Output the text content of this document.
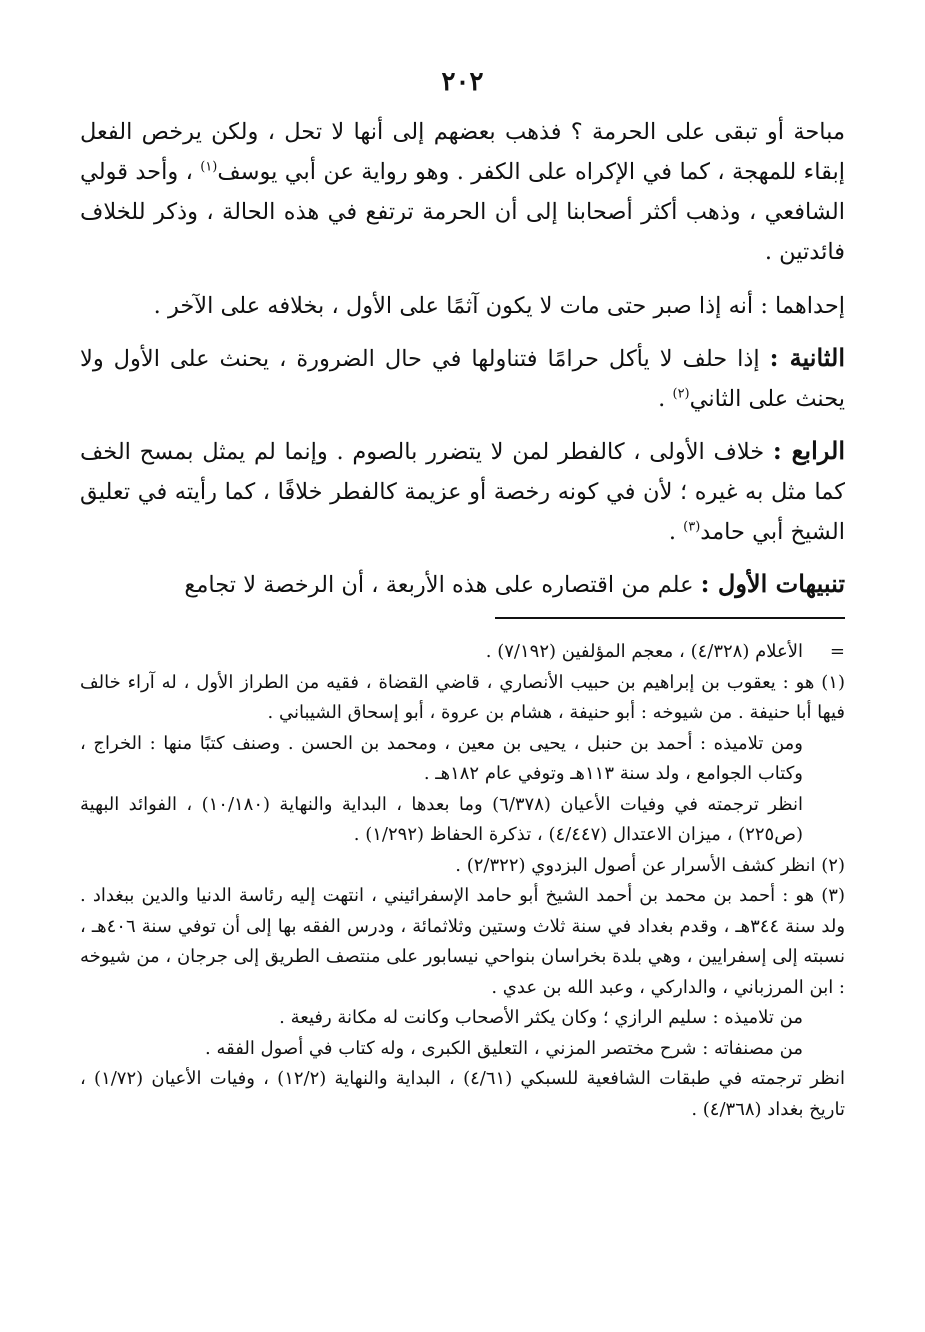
٢٠٢

مباحة أو تبقى على الحرمة ؟ فذهب بعضهم إلى أنها لا تحل ، ولكن يرخص الفعل إبقاء للمهجة ، كما في الإكراه على الكفر . وهو رواية عن أبي يوسف$^{(١)}$ ، وأحد قولي الشافعي ، وذهب أكثر أصحابنا إلى أن الحرمة ترتفع في هذه الحالة ، وذكر للخلاف فائدتين .

إحداهما : أنه إذا صبر حتى مات لا يكون آثمًا على الأول ، بخلافه على الآخر .

الثانية : إذا حلف لا يأكل حرامًا فتناولها في حال الضرورة ، يحنث على الأول ولا يحنث على الثاني$^{(٢)}$ .

الرابع : خلاف الأولى ، كالفطر لمن لا يتضرر بالصوم . وإنما لم يمثل بمسح الخف كما مثل به غيره ؛ لأن في كونه رخصة أو عزيمة كالفطر خلافًا ، كما رأيته في تعليق الشيخ أبي حامد$^{(٣)}$ .

تنبيهات الأول : علم من اقتصاره على هذه الأربعة ، أن الرخصة لا تجامع

=الأعلام (٤/٣٢٨) ، معجم المؤلفين (٧/١٩٢) .

(١) هو : يعقوب بن إبراهيم بن حبيب الأنصاري ، قاضي القضاة ، فقيه من الطراز الأول ، له آراء خالف فيها أبا حنيفة . من شيوخه : أبو حنيفة ، هشام بن عروة ، أبو إسحاق الشيباني .

ومن تلاميذه : أحمد بن حنبل ، يحيى بن معين ، ومحمد بن الحسن . وصنف كتبًا منها : الخراج ، وكتاب الجوامع ، ولد سنة ١١٣هـ وتوفي عام ١٨٢هـ .

انظر ترجمته في وفيات الأعيان (٦/٣٧٨) وما بعدها ، البداية والنهاية (١٠/١٨٠) ، الفوائد البهية (ص٢٢٥) ، ميزان الاعتدال (٤/٤٤٧) ، تذكرة الحفاظ (١/٢٩٢) .

(٢) انظر كشف الأسرار عن أصول البزدوي (٢/٣٢٢) .

(٣) هو : أحمد بن محمد بن أحمد الشيخ أبو حامد الإسفرائيني ، انتهت إليه رئاسة الدنيا والدين ببغداد . ولد سنة ٣٤٤هـ ، وقدم بغداد في سنة ثلاث وستين وثلاثمائة ، ودرس الفقه بها إلى أن توفي سنة ٤٠٦هـ ، نسبته إلى إسفرايين ، وهي بلدة بخراسان بنواحي نيسابور على منتصف الطريق إلى جرجان ، من شيوخه : ابن المرزباني ، والداركي ، وعبد الله بن عدي .

من تلاميذه : سليم الرازي ؛ وكان يكثر الأصحاب وكانت له مكانة رفيعة .

من مصنفاته : شرح مختصر المزني ، التعليق الكبرى ، وله كتاب في أصول الفقه .

انظر ترجمته في طبقات الشافعية للسبكي (٤/٦١) ، البداية والنهاية (١٢/٢) ، وفيات الأعيان (١/٧٢) ، تاريخ بغداد (٤/٣٦٨) .
